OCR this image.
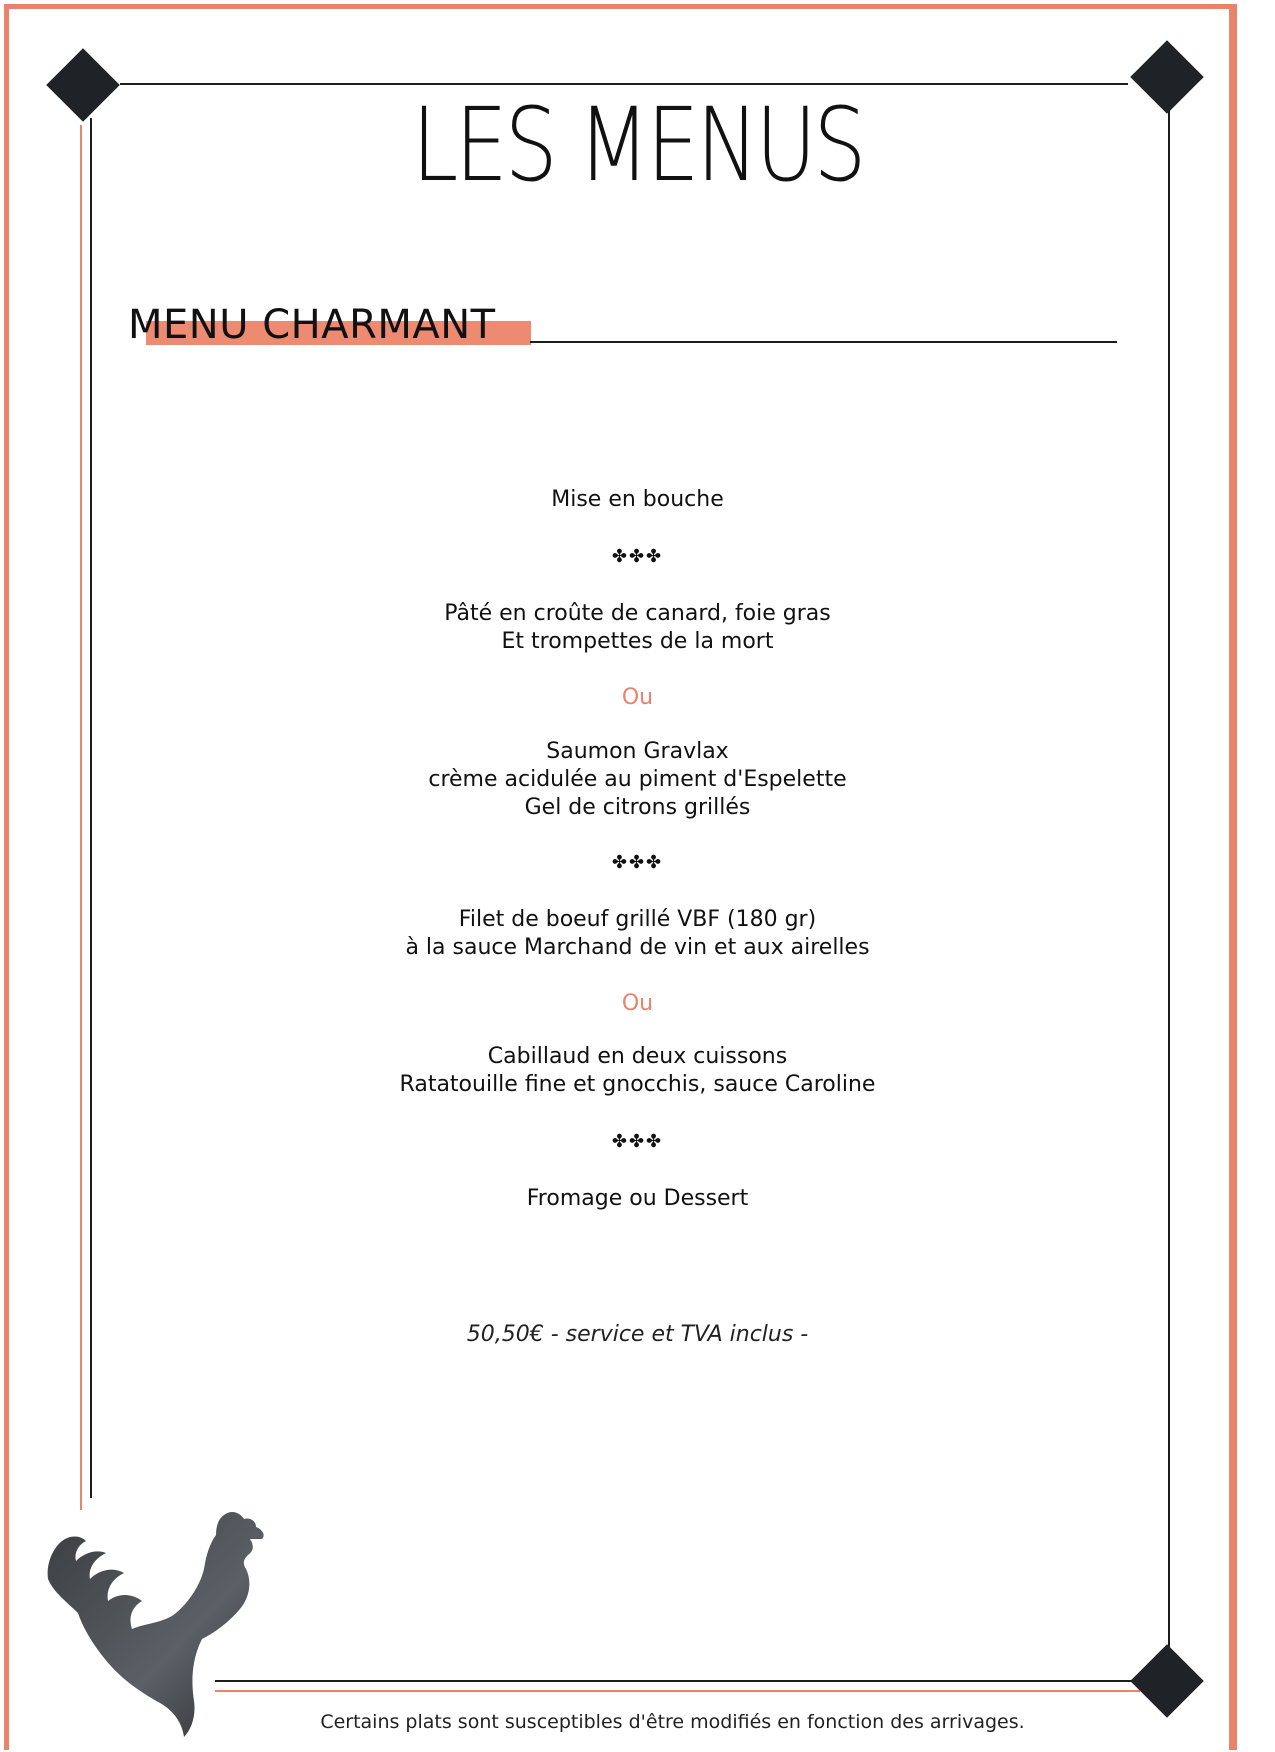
LES MENUS
MENU CHARMANT

Mise en bouche

✤✤✤

Pâté en croûte de canard, foie gras

Et trompettes de la mort

Ou

Saumon Gravlax

crème acidulée au piment d'Espelette

Gel de citrons grillés

✤✤✤

Filet de boeuf grillé VBF (180 gr)

à la sauce Marchand de vin et aux airelles

Ou

Cabillaud en deux cuissons

Ratatouille fine et gnocchis, sauce Caroline

✤✤✤

Fromage ou Dessert

50,50€ - service et TVA inclus -
Certains plats sont susceptibles d'être modifiés en fonction des arrivages.
